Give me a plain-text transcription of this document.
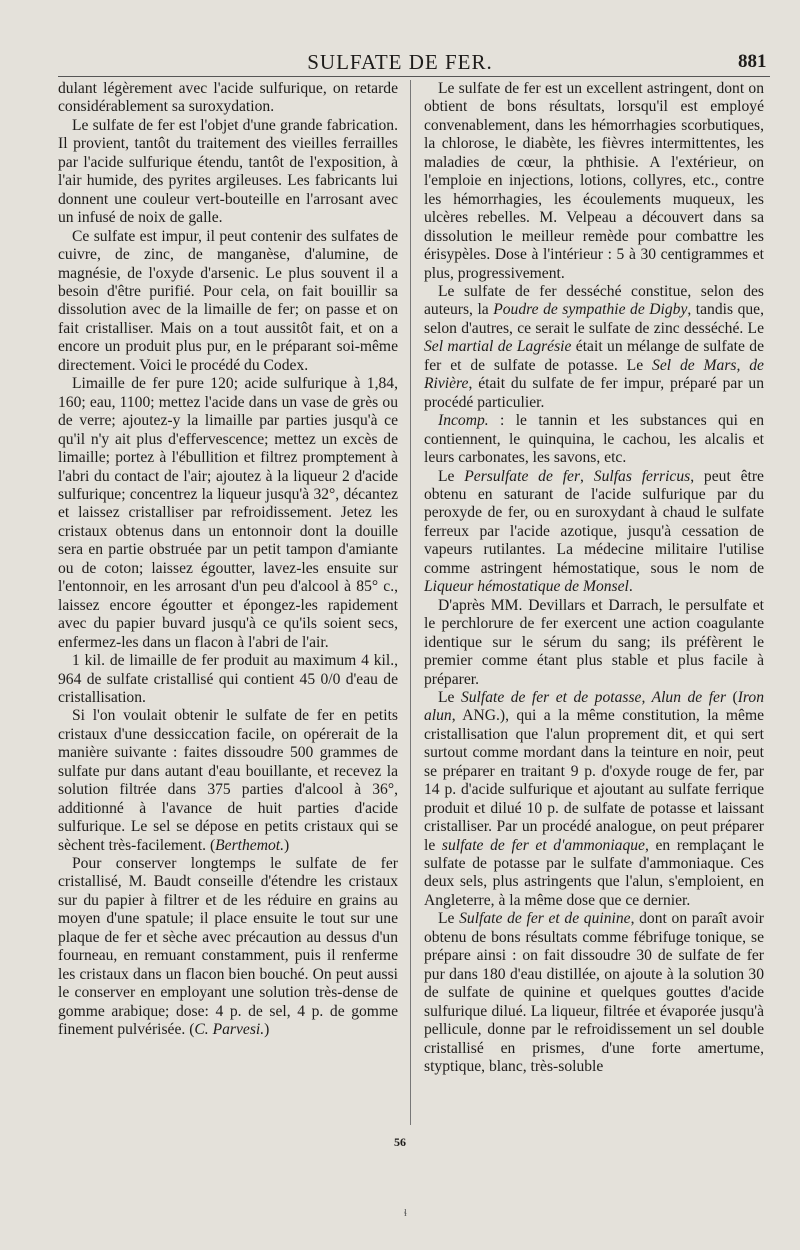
SULFATE DE FER.	881

dulant légèrement avec l'acide sulfurique, on retarde considérablement sa suroxydation.

Le sulfate de fer est l'objet d'une grande fabrication. Il provient, tantôt du traitement des vieilles ferrailles par l'acide sulfurique étendu, tantôt de l'exposition, à l'air humide, des pyrites argileuses. Les fabricants lui donnent une couleur vert-bouteille en l'arrosant avec un infusé de noix de galle.

Ce sulfate est impur, il peut contenir des sulfates de cuivre, de zinc, de manganèse, d'alumine, de magnésie, de l'oxyde d'arsenic. Le plus souvent il a besoin d'être purifié. Pour cela, on fait bouillir sa dissolution avec de la limaille de fer; on passe et on fait cristalliser. Mais on a tout aussitôt fait, et on a encore un produit plus pur, en le préparant soi-même directement. Voici le procédé du Codex.

Limaille de fer pure 120; acide sulfurique à 1,84, 160; eau, 1100; mettez l'acide dans un vase de grès ou de verre; ajoutez-y la limaille par parties jusqu'à ce qu'il n'y ait plus d'effervescence; mettez un excès de limaille; portez à l'ébullition et filtrez promptement à l'abri du contact de l'air; ajoutez à la liqueur 2 d'acide sulfurique; concentrez la liqueur jusqu'à 32°, décantez et laissez cristalliser par refroidissement. Jetez les cristaux obtenus dans un entonnoir dont la douille sera en partie obstruée par un petit tampon d'amiante ou de coton; laissez égoutter, lavez-les ensuite sur l'entonnoir, en les arrosant d'un peu d'alcool à 85° c., laissez encore égoutter et épongez-les rapidement avec du papier buvard jusqu'à ce qu'ils soient secs, enfermez-les dans un flacon à l'abri de l'air.

1 kil. de limaille de fer produit au maximum 4 kil., 964 de sulfate cristallisé qui contient 45 0/0 d'eau de cristallisation.

Si l'on voulait obtenir le sulfate de fer en petits cristaux d'une dessiccation facile, on opérerait de la manière suivante : faites dissoudre 500 grammes de sulfate pur dans autant d'eau bouillante, et recevez la solution filtrée dans 375 parties d'alcool à 36°, additionné à l'avance de huit parties d'acide sulfurique. Le sel se dépose en petits cristaux qui se sèchent très-facilement. (Berthemot.)

Pour conserver longtemps le sulfate de fer cristallisé, M. Baudt conseille d'étendre les cristaux sur du papier à filtrer et de les réduire en grains au moyen d'une spatule; il place ensuite le tout sur une plaque de fer et sèche avec précaution au dessus d'un fourneau, en remuant constamment, puis il renferme les cristaux dans un flacon bien bouché. On peut aussi le conserver en employant une solution très-dense de gomme arabique; dose: 4 p. de sel, 4 p. de gomme finement pulvérisée. (C. Parvesi.)

Le sulfate de fer est un excellent astringent, dont on obtient de bons résultats, lorsqu'il est employé convenablement, dans les hémorrhagies scorbutiques, la chlorose, le diabète, les fièvres intermittentes, les maladies de cœur, la phthisie. A l'extérieur, on l'emploie en injections, lotions, collyres, etc., contre les hémorrhagies, les écoulements muqueux, les ulcères rebelles. M. Velpeau a découvert dans sa dissolution le meilleur remède pour combattre les érisypèles. Dose à l'intérieur : 5 à 30 centigrammes et plus, progressivement.

Le sulfate de fer desséché constitue, selon des auteurs, la Poudre de sympathie de Digby, tandis que, selon d'autres, ce serait le sulfate de zinc desséché. Le Sel martial de Lagrésie était un mélange de sulfate de fer et de sulfate de potasse. Le Sel de Mars, de Rivière, était du sulfate de fer impur, préparé par un procédé particulier.

Incomp. : le tannin et les substances qui en contiennent, le quinquina, le cachou, les alcalis et leurs carbonates, les savons, etc.

Le Persulfate de fer, Sulfas ferricus, peut être obtenu en saturant de l'acide sulfurique par du peroxyde de fer, ou en suroxydant à chaud le sulfate ferreux par l'acide azotique, jusqu'à cessation de vapeurs rutilantes. La médecine militaire l'utilise comme astringent hémostatique, sous le nom de Liqueur hémostatique de Monsel.

D'après MM. Devillars et Darrach, le persulfate et le perchlorure de fer exercent une action coagulante identique sur le sérum du sang; ils préfèrent le premier comme étant plus stable et plus facile à préparer.

Le Sulfate de fer et de potasse, Alun de fer (Iron alun, ANG.), qui a la même constitution, la même cristallisation que l'alun proprement dit, et qui sert surtout comme mordant dans la teinture en noir, peut se préparer en traitant 9 p. d'oxyde rouge de fer, par 14 p. d'acide sulfurique et ajoutant au sulfate ferrique produit et dilué 10 p. de sulfate de potasse et laissant cristalliser. Par un procédé analogue, on peut préparer le sulfate de fer et d'ammoniaque, en remplaçant le sulfate de potasse par le sulfate d'ammoniaque. Ces deux sels, plus astringents que l'alun, s'emploient, en Angleterre, à la même dose que ce dernier.

Le Sulfate de fer et de quinine, dont on paraît avoir obtenu de bons résultats comme fébrifuge tonique, se prépare ainsi : on fait dissoudre 30 de sulfate de fer pur dans 180 d'eau distillée, on ajoute à la solution 30 de sulfate de quinine et quelques gouttes d'acide sulfurique dilué. La liqueur, filtrée et évaporée jusqu'à pellicule, donne par le refroidissement un sel double cristallisé en prismes, d'une forte amertume, styptique, blanc, très-soluble

56
ɬ
